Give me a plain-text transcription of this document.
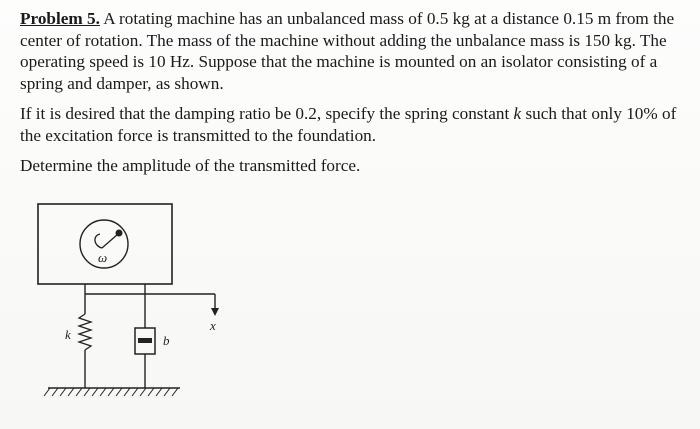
Problem 5. A rotating machine has an unbalanced mass of 0.5 kg at a distance 0.15 m from the center of rotation. The mass of the machine without adding the unbalance mass is 150 kg. The operating speed is 10 Hz. Suppose that the machine is mounted on an isolator consisting of a spring and damper, as shown.

If it is desired that the damping ratio be 0.2, specify the spring constant k such that only 10% of the excitation force is transmitted to the foundation.

Determine the amplitude of the transmitted force.

ω
x
k	b
